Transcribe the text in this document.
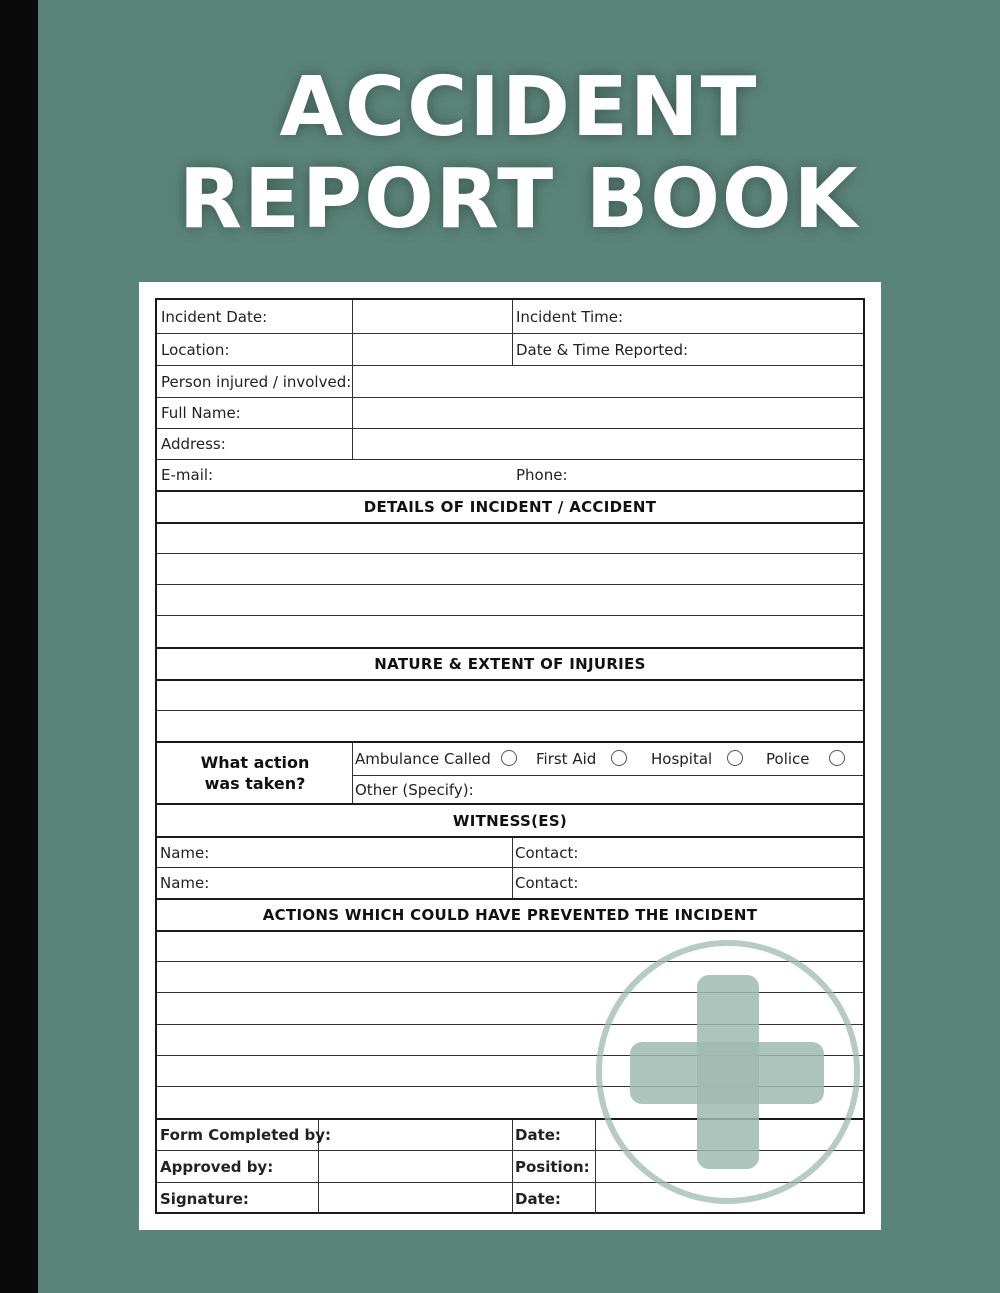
ACCIDENT
REPORT BOOK
Incident Date:	Incident Time:
Location:	Date & Time Reported:
Person injured / involved:
Full Name:
Address:
E-mail:	Phone:
DETAILS OF INCIDENT / ACCIDENT
NATURE & EXTENT OF INJURIES
What action
was taken?
Ambulance Called	First Aid	Hospital	Police
Other (Specify):
WITNESS(ES)
Name:	Contact:
Name:	Contact:
ACTIONS WHICH COULD HAVE PREVENTED THE INCIDENT
Form Completed by:	Date:
Approved by:	Position:
Signature:	Date:
